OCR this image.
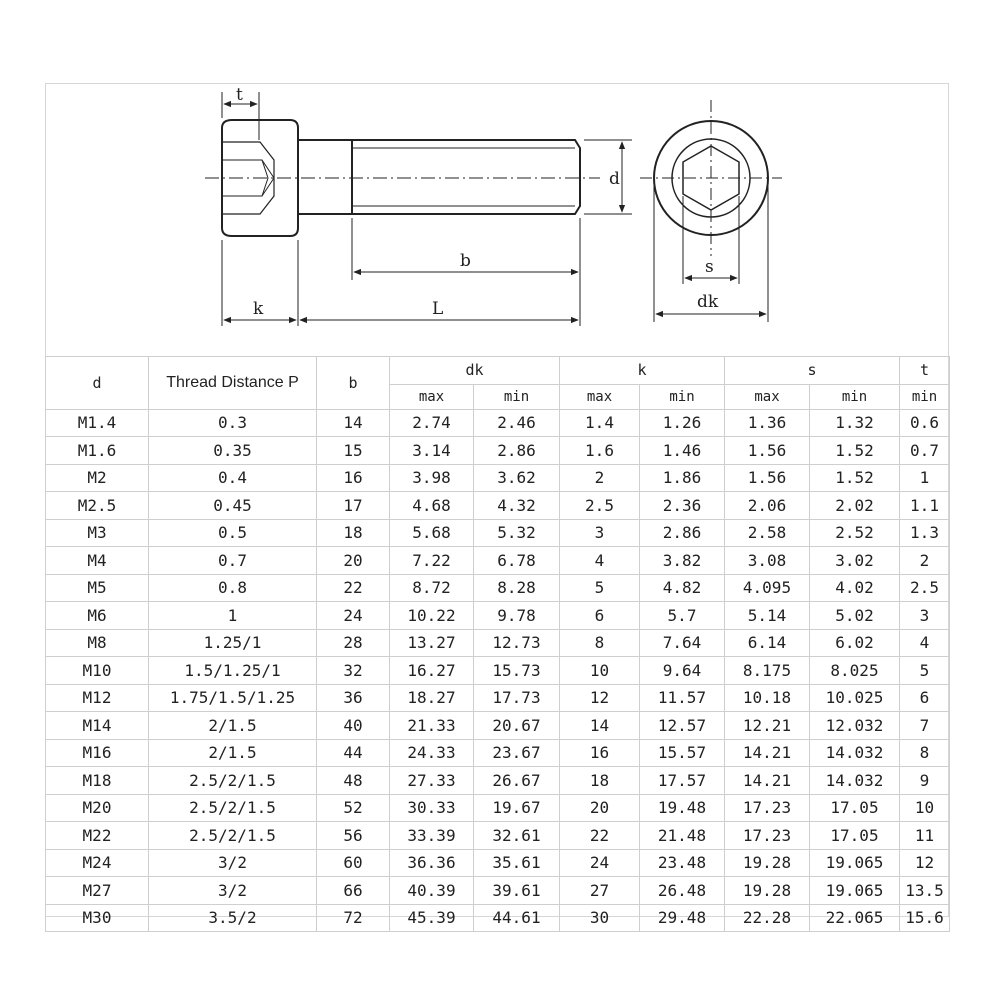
t
d
b
k	L
s
dk
d	Thread Distance P	b	dk		k		s		t
			max	min	max	min	max	min	min
M1.4	0.3	14	2.74	2.46	1.4	1.26	1.36	1.32	0.6
M1.6	0.35	15	3.14	2.86	1.6	1.46	1.56	1.52	0.7
M2	0.4	16	3.98	3.62	2	1.86	1.56	1.52	1
M2.5	0.45	17	4.68	4.32	2.5	2.36	2.06	2.02	1.1
M3	0.5	18	5.68	5.32	3	2.86	2.58	2.52	1.3
M4	0.7	20	7.22	6.78	4	3.82	3.08	3.02	2
M5	0.8	22	8.72	8.28	5	4.82	4.095	4.02	2.5
M6	1	24	10.22	9.78	6	5.7	5.14	5.02	3
M8	1.25/1	28	13.27	12.73	8	7.64	6.14	6.02	4
M10	1.5/1.25/1	32	16.27	15.73	10	9.64	8.175	8.025	5
M12	1.75/1.5/1.25	36	18.27	17.73	12	11.57	10.18	10.025	6
M14	2/1.5	40	21.33	20.67	14	12.57	12.21	12.032	7
M16	2/1.5	44	24.33	23.67	16	15.57	14.21	14.032	8
M18	2.5/2/1.5	48	27.33	26.67	18	17.57	14.21	14.032	9
M20	2.5/2/1.5	52	30.33	19.67	20	19.48	17.23	17.05	10
M22	2.5/2/1.5	56	33.39	32.61	22	21.48	17.23	17.05	11
M24	3/2	60	36.36	35.61	24	23.48	19.28	19.065	12
M27	3/2	66	40.39	39.61	27	26.48	19.28	19.065	13.5
M30	3.5/2	72	45.39	44.61	30	29.48	22.28	22.065	15.6
